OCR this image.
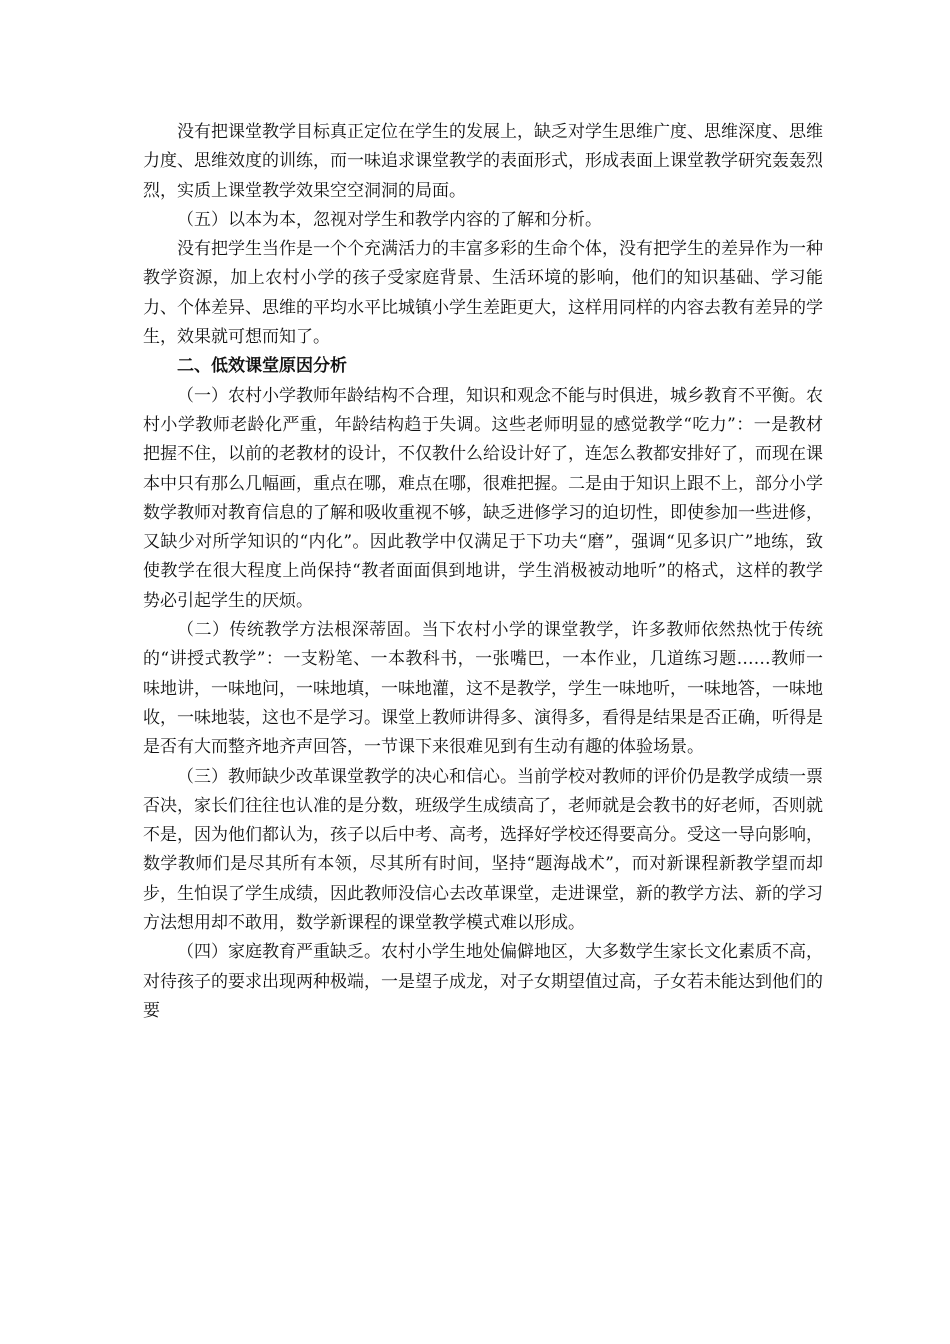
没有把课堂教学目标真正定位在学生的发展上，缺乏对学生思维广度、思维深度、思维力度、思维效度的训练，而一味追求课堂教学的表面形式，形成表面上课堂教学研究轰轰烈烈，实质上课堂教学效果空空洞洞的局面。

（五）以本为本，忽视对学生和教学内容的了解和分析。

没有把学生当作是一个个充满活力的丰富多彩的生命个体，没有把学生的差异作为一种教学资源，加上农村小学的孩子受家庭背景、生活环境的影响，他们的知识基础、学习能力、个体差异、思维的平均水平比城镇小学生差距更大，这样用同样的内容去教有差异的学生，效果就可想而知了。

二、低效课堂原因分析

（一）农村小学教师年龄结构不合理，知识和观念不能与时俱进，城乡教育不平衡。农村小学教师老龄化严重，年龄结构趋于失调。这些老师明显的感觉教学“吃力”：一是教材把握不住，以前的老教材的设计，不仅教什么给设计好了，连怎么教都安排好了，而现在课本中只有那么几幅画，重点在哪，难点在哪，很难把握。二是由于知识上跟不上，部分小学数学教师对教育信息的了解和吸收重视不够，缺乏进修学习的迫切性，即使参加一些进修，又缺少对所学知识的“内化”。因此教学中仅满足于下功夫“磨”，强调“见多识广”地练，致使教学在很大程度上尚保持“教者面面俱到地讲，学生消极被动地听”的格式，这样的教学势必引起学生的厌烦。

（二）传统教学方法根深蒂固。当下农村小学的课堂教学，许多教师依然热忱于传统的“讲授式教学”：一支粉笔、一本教科书，一张嘴巴，一本作业，几道练习题……教师一味地讲，一味地问，一味地填，一味地灌，这不是教学，学生一味地听，一味地答，一味地收，一味地装，这也不是学习。课堂上教师讲得多、演得多，看得是结果是否正确，听得是是否有大而整齐地齐声回答，一节课下来很难见到有生动有趣的体验场景。

（三）教师缺少改革课堂教学的决心和信心。当前学校对教师的评价仍是教学成绩一票否决，家长们往往也认准的是分数，班级学生成绩高了，老师就是会教书的好老师，否则就不是，因为他们都认为，孩子以后中考、高考，选择好学校还得要高分。受这一导向影响，数学教师们是尽其所有本领，尽其所有时间，坚持“题海战术”，而对新课程新教学望而却步，生怕误了学生成绩，因此教师没信心去改革课堂，走进课堂，新的教学方法、新的学习方法想用却不敢用，数学新课程的课堂教学模式难以形成。

（四）家庭教育严重缺乏。农村小学生地处偏僻地区，大多数学生家长文化素质不高，对待孩子的要求出现两种极端，一是望子成龙，对子女期望值过高，子女若未能达到他们的要
